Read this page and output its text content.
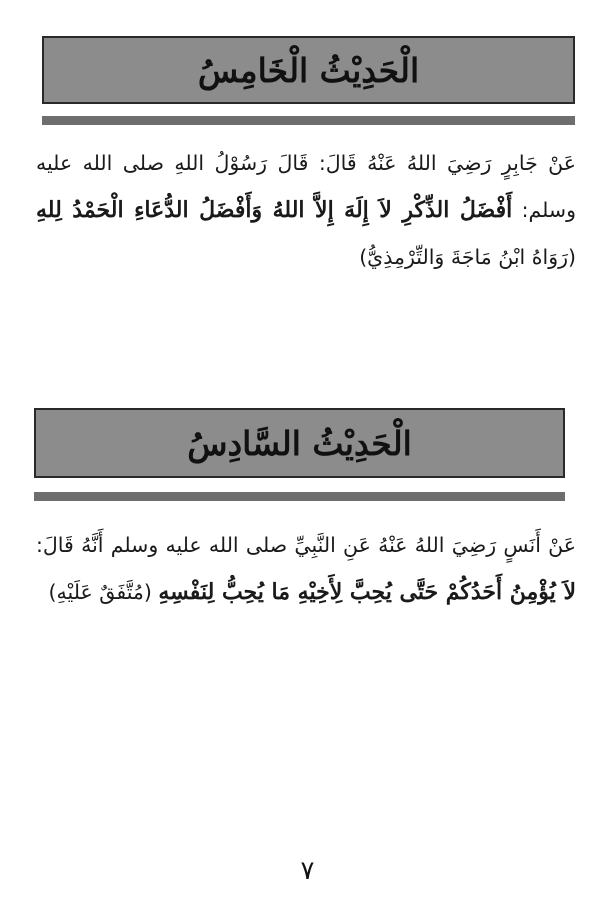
الْحَدِيْثُ الْخَامِسُ
عَنْ جَابِرٍ رَضِيَ اللهُ عَنْهُ قَالَ: قَالَ رَسُوْلُ اللهِ صلى الله عليه وسلم: أَفْضَلُ الذِّكْرِ لاَ إِلَهَ إِلاَّ اللهُ وَأَفْضَلُ الدُّعَاءِ الْحَمْدُ لِلهِ (رَوَاهُ ابْنُ مَاجَةَ وَالتِّرْمِذِيُّ)
الْحَدِيْثُ السَّادِسُ
عَنْ أَنَسٍ رَضِيَ اللهُ عَنْهُ عَنِ النَّبِيِّ صلى الله عليه وسلم أَنَّهُ قَالَ: لاَ يُؤْمِنُ أَحَدُكُمْ حَتَّى يُحِبَّ لِأَخِيْهِ مَا يُحِبُّ لِنَفْسِهِ (مُتَّفَقٌ عَلَيْهِ)
٧
